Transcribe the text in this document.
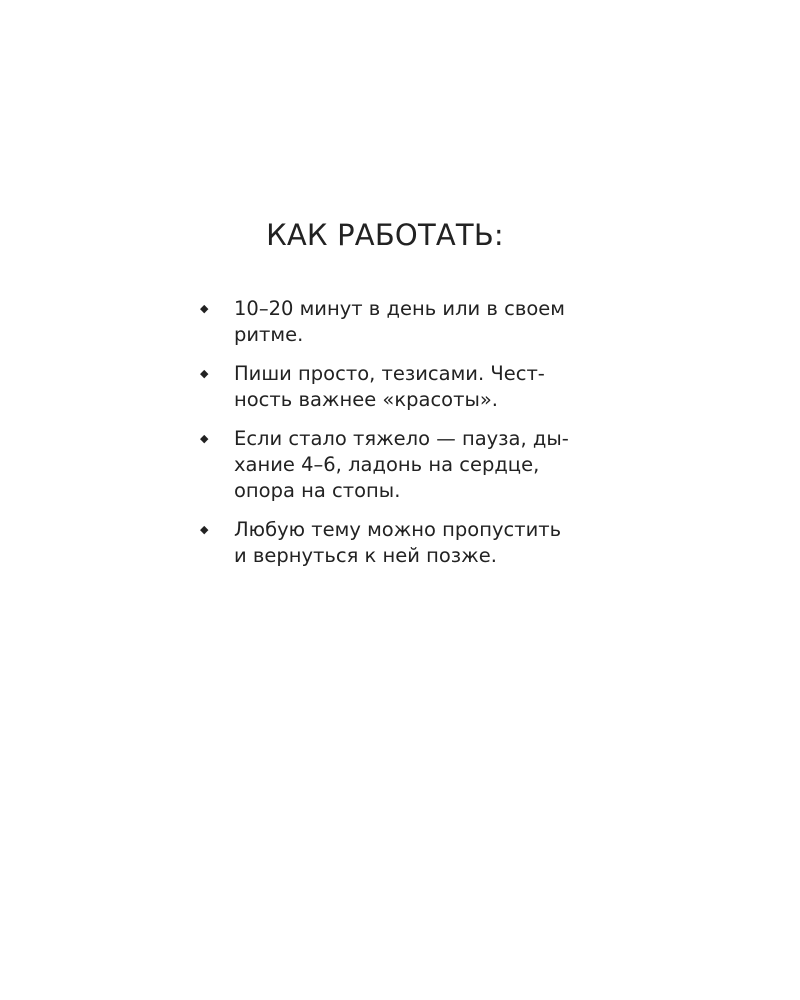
КАК РАБОТАТЬ:
◆ 10–20 минут в день или в своем
ритме.
◆ Пиши просто, тезисами. Чест-
ность важнее «красоты».
◆ Если стало тяжело — пауза, ды-
хание 4–6, ладонь на сердце,
опора на стопы.
◆ Любую тему можно пропустить
и вернуться к ней позже.
